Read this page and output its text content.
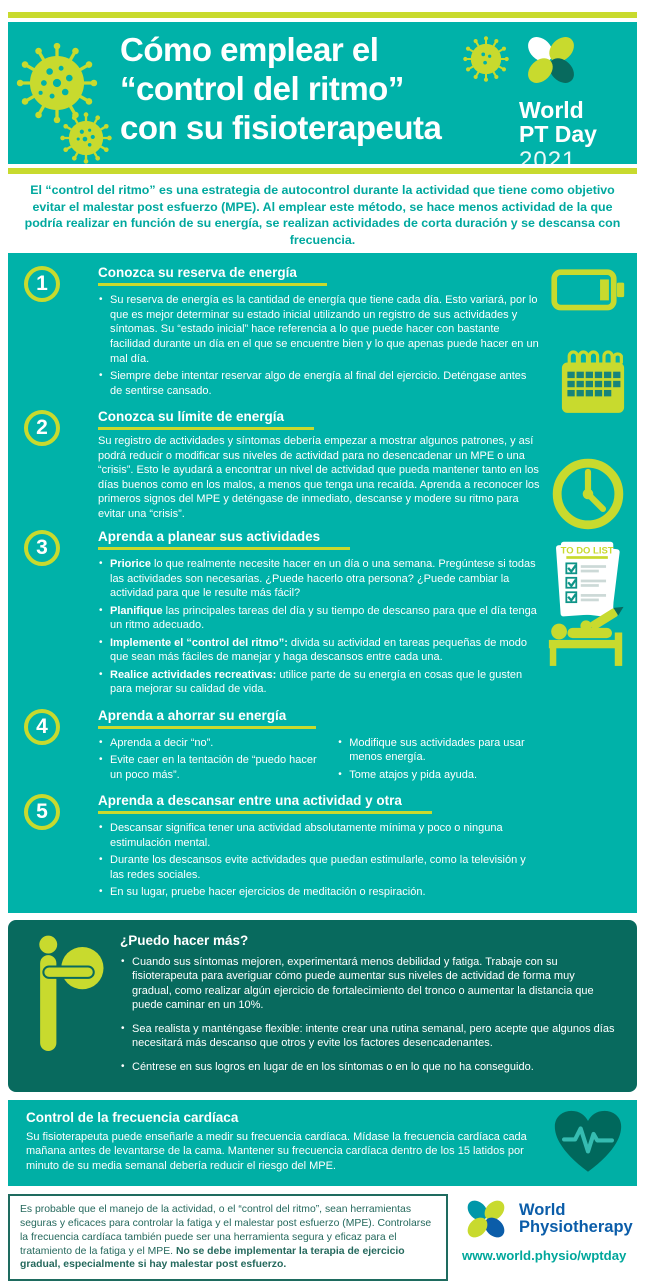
Cómo emplear el
“control del ritmo”
con su fisioterapeuta	World
PT Day
2021

El “control del ritmo” es una estrategia de autocontrol durante la actividad que tiene como objetivo evitar el malestar post esfuerzo (MPE). Al emplear este método, se hace menos actividad de la que podría realizar en función de su energía, se realizan actividades de corta duración y se descansa con frecuencia.

1	Conozca su reserva de energía
• Su reserva de energía es la cantidad de energía que tiene cada día. Esto variará, por lo que es mejor determinar su estado inicial utilizando un registro de sus actividades y síntomas. Su “estado inicial” hace referencia a lo que puede hacer con bastante facilidad durante un día en el que se encuentre bien y lo que apenas puede hacer en un mal día.
• Siempre debe intentar reservar algo de energía al final del ejercicio. Deténgase antes de sentirse cansado.
2	Conozca su límite de energía

Su registro de actividades y síntomas debería empezar a mostrar algunos patrones, y así podrá reducir o modificar sus niveles de actividad para no desencadenar un MPE o una “crisis”. Esto le ayudará a encontrar un nivel de actividad que pueda mantener tanto en los días buenos como en los malos, a menos que tenga una recaída. Aprenda a reconocer los primeros signos del MPE y deténgase de inmediato, descanse y modere su ritmo para evitar una “crisis”.

3	Aprenda a planear sus actividades
• Priorice lo que realmente necesite hacer en un día o una semana. Pregúntese si todas las actividades son necesarias. ¿Puede hacerlo otra persona? ¿Puede cambiar la actividad para que le resulte más fácil?
• Planifique las principales tareas del día y su tiempo de descanso para que el día tenga un ritmo adecuado.
• Implemente el “control del ritmo”: divida su actividad en tareas pequeñas de modo que sean más fáciles de manejar y haga descansos entre cada una.
• Realice actividades recreativas: utilice parte de su energía en cosas que le gusten para mejorar su calidad de vida.
4	Aprenda a ahorrar su energía
• Aprenda a decir “no”.
• Evite caer en la tentación de “puedo hacer un poco más”.
• Modifique sus actividades para usar menos energía.
• Tome atajos y pida ayuda.
5	Aprenda a descansar entre una actividad y otra
• Descansar significa tener una actividad absolutamente mínima y poco o ninguna estimulación mental.
• Durante los descansos evite actividades que puedan estimularle, como la televisión y las redes sociales.
• En su lugar, pruebe hacer ejercicios de meditación o respiración.
TO DO LIST
¿Puedo hacer más?
• Cuando sus síntomas mejoren, experimentará menos debilidad y fatiga. Trabaje con su fisioterapeuta para averiguar cómo puede aumentar sus niveles de actividad de forma muy gradual, como realizar algún ejercicio de fortalecimiento del tronco o aumentar la distancia que puede caminar en un 10%.
• Sea realista y manténgase flexible: intente crear una rutina semanal, pero acepte que algunos días necesitará más descanso que otros y evite los factores desencadenantes.
• Céntrese en sus logros en lugar de en los síntomas o en lo que no ha conseguido.
Control de la frecuencia cardíaca
Su fisioterapeuta puede enseñarle a medir su frecuencia cardíaca. Mídase la frecuencia cardíaca cada mañana antes de levantarse de la cama. Mantener su frecuencia cardíaca dentro de los 15 latidos por minuto de su media semanal debería reducir el riesgo del MPE.
Es probable que el manejo de la actividad, o el “control del ritmo”, sean herramientas seguras y eficaces para controlar la fatiga y el malestar post esfuerzo (MPE). Controlarse la frecuencia cardíaca también puede ser una herramienta segura y eficaz para el tratamiento de la fatiga y el MPE. No se debe implementar la terapia de ejercicio gradual, especialmente si hay malestar post esfuerzo.
World
Physiotherapy
www.world.physio/wptday
